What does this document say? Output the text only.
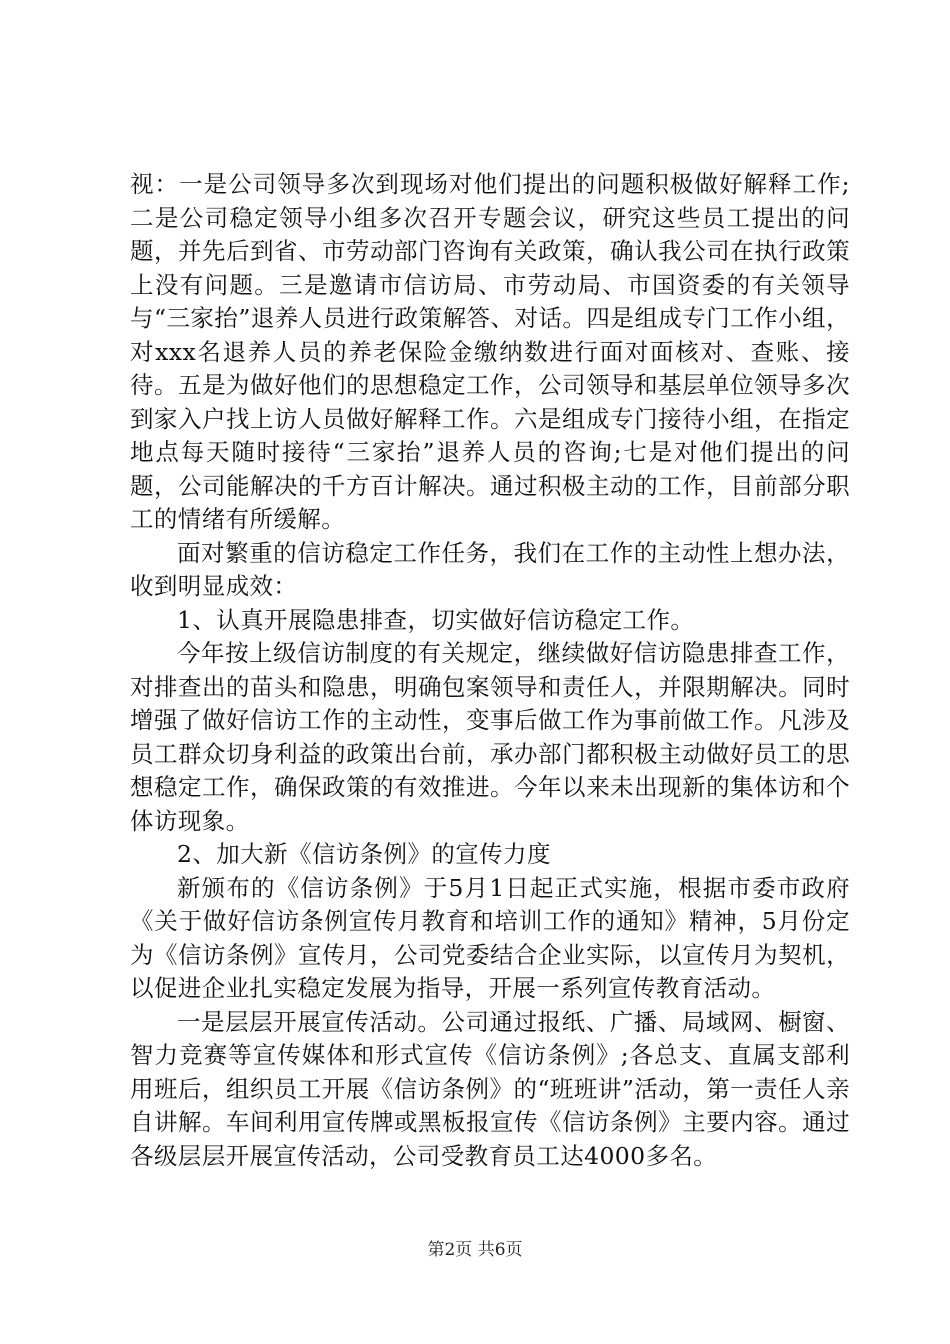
视：一是公司领导多次到现场对他们提出的问题积极做好解释工作;二是公司稳定领导小组多次召开专题会议，研究这些员工提出的问题，并先后到省、市劳动部门咨询有关政策，确认我公司在执行政策上没有问题。三是邀请市信访局、市劳动局、市国资委的有关领导与“三家抬”退养人员进行政策解答、对话。四是组成专门工作小组，对xxx名退养人员的养老保险金缴纳数进行面对面核对、查账、接待。五是为做好他们的思想稳定工作，公司领导和基层单位领导多次到家入户找上访人员做好解释工作。六是组成专门接待小组，在指定地点每天随时接待“三家抬”退养人员的咨询;七是对他们提出的问题，公司能解决的千方百计解决。通过积极主动的工作，目前部分职工的情绪有所缓解。

面对繁重的信访稳定工作任务，我们在工作的主动性上想办法，收到明显成效：

1、认真开展隐患排查，切实做好信访稳定工作。

今年按上级信访制度的有关规定，继续做好信访隐患排查工作，对排查出的苗头和隐患，明确包案领导和责任人，并限期解决。同时增强了做好信访工作的主动性，变事后做工作为事前做工作。凡涉及员工群众切身利益的政策出台前，承办部门都积极主动做好员工的思想稳定工作，确保政策的有效推进。今年以来未出现新的集体访和个体访现象。

2、加大新《信访条例》的宣传力度

新颁布的《信访条例》于5月1日起正式实施，根据市委市政府《关于做好信访条例宣传月教育和培训工作的通知》精神，5月份定为《信访条例》宣传月，公司党委结合企业实际，以宣传月为契机，以促进企业扎实稳定发展为指导，开展一系列宣传教育活动。

一是层层开展宣传活动。公司通过报纸、广播、局域网、橱窗、智力竞赛等宣传媒体和形式宣传《信访条例》;各总支、直属支部利用班后，组织员工开展《信访条例》的“班班讲”活动，第一责任人亲自讲解。车间利用宣传牌或黑板报宣传《信访条例》主要内容。通过各级层层开展宣传活动，公司受教育员工达4000多名。

第2页 共6页
